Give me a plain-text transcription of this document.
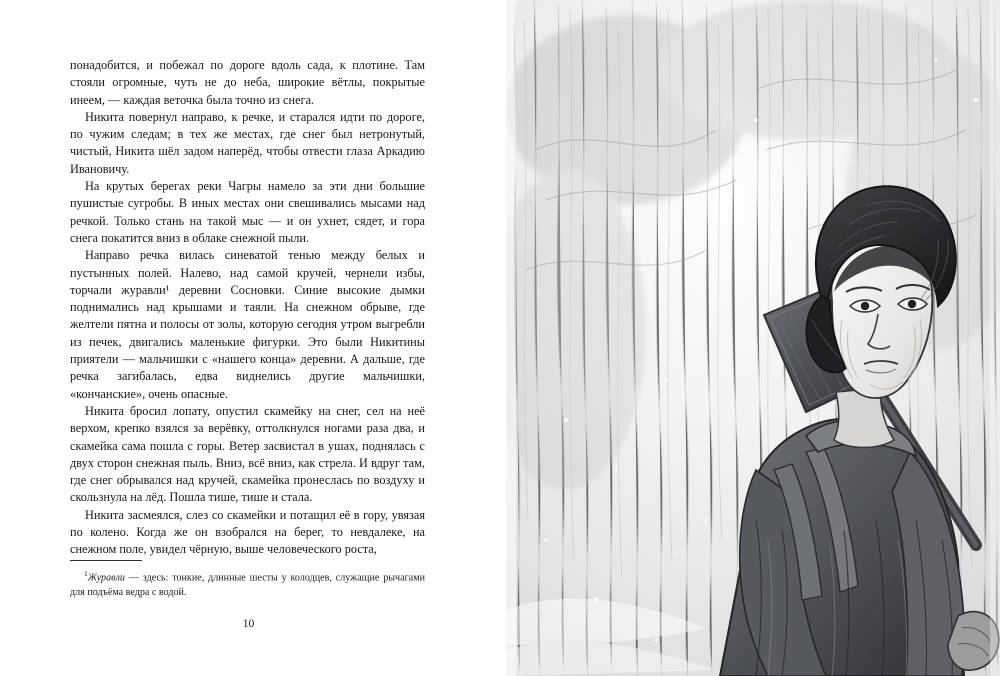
понадобится, и побежал по дороге вдоль сада, к плотине. Там стояли огромные, чуть не до неба, широкие вётлы, покрытые инеем, — каждая веточка была точно из снега.

Никита повернул направо, к речке, и старался идти по дороге, по чужим следам; в тех же местах, где снег был нетронутый, чистый, Никита шёл задом наперёд, чтобы отвести глаза Аркадию Ивановичу.

На крутых берегах реки Чагры намело за эти дни большие пушистые сугробы. В иных местах они свешивались мысами над речкой. Только стань на такой мыс — и он ухнет, сядет, и гора снега покатится вниз в облаке снежной пыли.

Направо речка вилась синеватой тенью между белых и пустынных полей. Налево, над самой кручей, чернели избы, торчали журавли¹ деревни Сосновки. Синие высокие дымки поднимались над крышами и таяли. На снежном обрыве, где желтели пятна и полосы от золы, которую сегодня утром выгребли из печек, двигались маленькие фигурки. Это были Никитины приятели — мальчишки с «нашего конца» деревни. А дальше, где речка загибалась, едва виднелись другие мальчишки, «кончанские», очень опасные.

Никита бросил лопату, опустил скамейку на снег, сел на неё верхом, крепко взялся за верёвку, оттолкнулся ногами раза два, и скамейка сама пошла с горы. Ветер засвистал в ушах, поднялась с двух сторон снежная пыль. Вниз, всё вниз, как стрела. И вдруг там, где снег обрывался над кручей, скамейка пронеслась по воздуху и скользнула на лёд. Пошла тише, тише и стала.

Никита засмеялся, слез со скамейки и потащил её в гору, увязая по колено. Когда же он взобрался на берег, то невдалеке, на снежном поле, увидел чёрную, выше человеческого роста,

$^1$Журавли — здесь: тонкие, длинные шесты у колодцев, служащие рычагами для подъёма ведра с водой.

10
